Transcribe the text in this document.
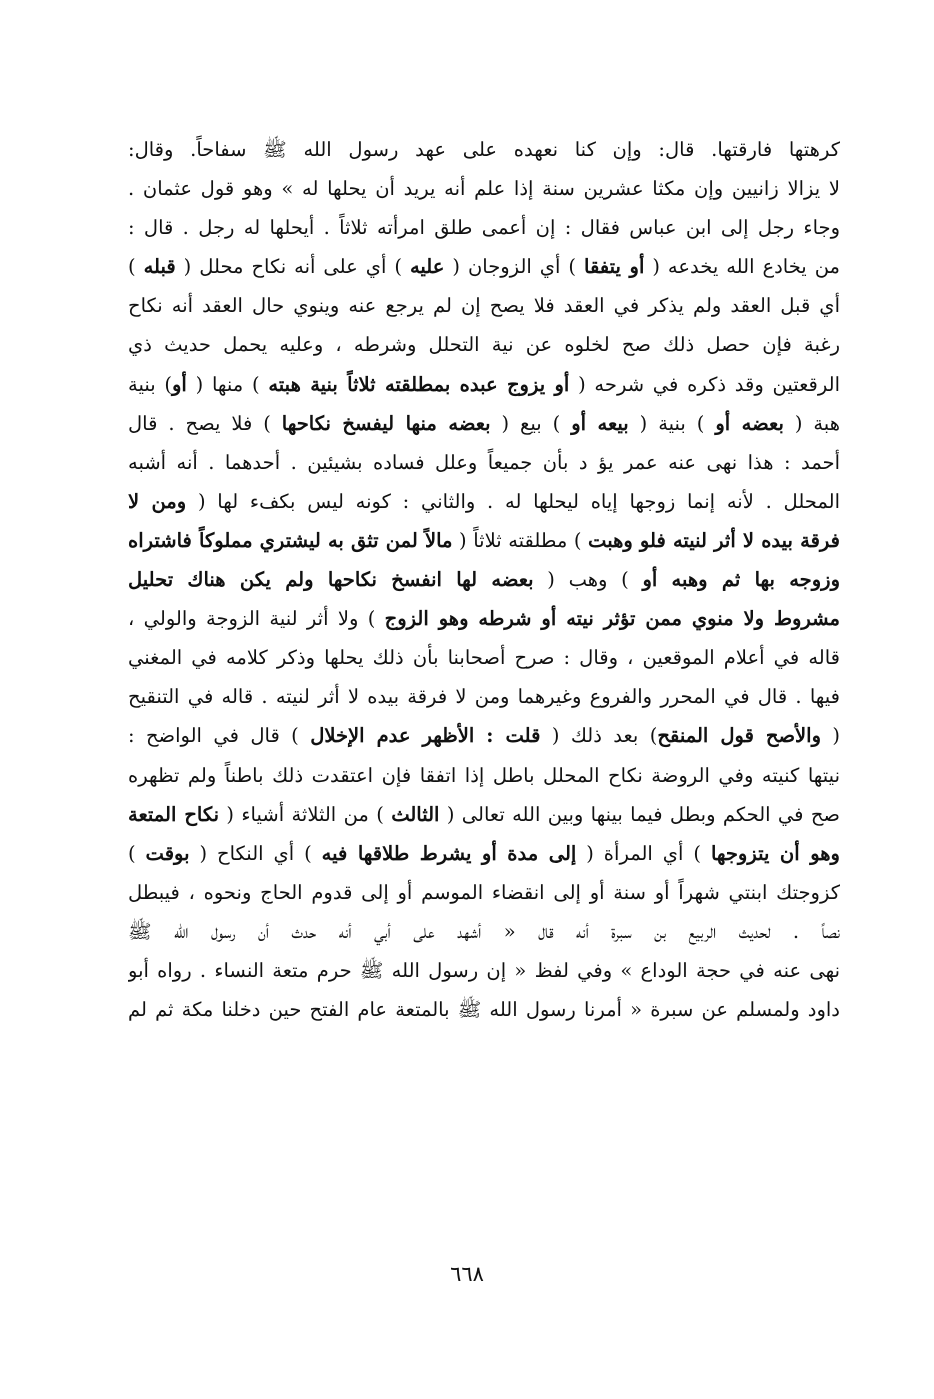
كرهتها فارقتها. قال: وإن كنا نعهده على عهد رسول الله ﷺ سفاحاً. وقال:
لا يزالا زانيين وإن مكثا عشرين سنة إذا علم أنه يريد أن يحلها له » وهو قول عثمان .
وجاء رجل إلى ابن عباس فقال : إن أعمى طلق امرأته ثلاثاً . أيحلها له رجل . قال :
من يخادع الله يخدعه ( أو يتفقا ) أي الزوجان ( عليه ) أي على أنه نكاح محلل ( قبله )
أي قبل العقد ولم يذكر في العقد فلا يصح إن لم يرجع عنه وينوي حال العقد أنه نكاح
رغبة فإن حصل ذلك صح لخلوه عن نية التحلل وشرطه ، وعليه يحمل حديث ذي
الرقعتين وقد ذكره في شرحه ( أو يزوج عبده بمطلقته ثلاثاً بنية هبته ) منها ( أو) بنية
هبة ( بعضه أو ) بنية ( بيعه أو ) بيع ( بعضه منها ليفسخ نكاحها ) فلا يصح . قال
أحمد : هذا نهى عنه عمر يؤ د بأن جميعاً وعلل فساده بشيئين . أحدهما . أنه أشبه
المحلل . لأنه إنما زوجها إياه ليحلها له . والثاني : كونه ليس بكفء لها ( ومن لا
فرقة بيده لا أثر لنيته فلو وهبت ) مطلقته ثلاثاً ( مالاً لمن تثق به ليشتري مملوكاً فاشتراه
وزوجه بها ثم وهبه أو ) وهب ( بعضه لها انفسخ نكاحها ولم يكن هناك تحليل
مشروط ولا منوي ممن تؤثر نيته أو شرطه وهو الزوج ) ولا أثر لنية الزوجة والولي ،
قاله في أعلام الموقعين ، وقال : صرح أصحابنا بأن ذلك يحلها وذكر كلامه في المغني
فيها . قال في المحرر والفروع وغيرهما ومن لا فرقة بيده لا أثر لنيته . قاله في التنقيح
( والأصح قول المنقح) بعد ذلك ( قلت : الأظهر عدم الإخلال ) قال في الواضح :
نيتها كنيته وفي الروضة نكاح المحلل باطل إذا اتفقا فإن اعتقدت ذلك باطناً ولم تظهره
صح في الحكم وبطل فيما بينها وبين الله تعالى ( الثالث ) من الثلاثة أشياء ( نكاح المتعة
وهو أن يتزوجها ) أي المرأة ( إلى مدة أو يشرط طلاقها فيه ) أي النكاح ( بوقت )
كزوجتك ابنتي شهراً أو سنة أو إلى انقضاء الموسم أو إلى قدوم الحاج ونحوه ، فيبطل
نصاً . لحديث الربيع بن سبرة أنه قال « أشهد على أبي أنه حدث أن رسول الله ﷺ
نهى عنه في حجة الوداع » وفي لفظ « إن رسول الله ﷺ حرم متعة النساء . رواه أبو
داود ولمسلم عن سبرة « أمرنا رسول الله ﷺ بالمتعة عام الفتح حين دخلنا مكة ثم لم
٦٦٨
